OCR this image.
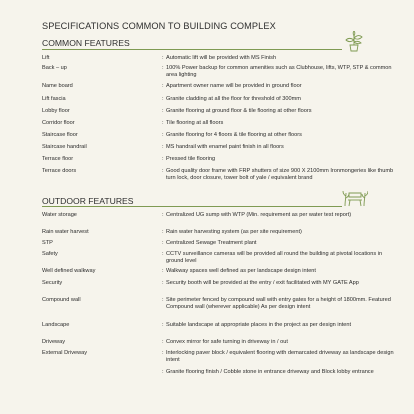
SPECIFICATIONS COMMON TO BUILDING COMPLEX
COMMON FEATURES
Lift	: Automatic lift will be provided with MS Finish
Back – up	: 100% Power backup for common amenities such as Clubhouse, lifts, WTP, STP & common area lighting
Name board	: Apartment owner name will be provided in ground floor
Lift fascia	: Granite cladding at all the floor for threshold of 300mm
Lobby floor	: Granite flooring at ground floor & tile flooring at other floors
Corridor floor	: Tile flooring at all floors
Staircase floor	: Granite flooring for 4 floors & tile flooring at other floors
Staircase handrail	: MS handrail with enamel paint finish in all floors
Terrace floor	: Pressed tile flooring
Terrace doors	: Good quality door frame with FRP shutters of size 900 X 2100mm Ironmongeries like thumb turn lock, door closure, tower bolt of yale / equivalent brand
OUTDOOR FEATURES
Water storage	: Centralized UG sump with WTP (Min. requirement as per water test report)
Rain water harvest	: Rain water harvesting system (as per site requirement)
STP	: Centralized Sewage Treatment plant
Safety	: CCTV surveillance cameras will be provided all round the building at pivotal locations in ground level
Well defined walkway	: Walkway spaces well defined as per landscape design intent
Security	: Security booth will be provided at the entry / exit facilitated with MY GATE App
Compound wall	: Site perimeter fenced by compound wall with entry gates for a height of 1800mm. Featured Compound wall (wherever applicable) As per design intent
Landscape	: Suitable landscape at appropriate places in the project as per design intent
Driveway	: Convex mirror for safe turning in driveway in / out
External Driveway	: Interlocking paver block / equivalent flooring with demarcated driveway as landscape design intent
: Granite flooring finish / Cobble stone in entrance driveway and Block lobby entrance
